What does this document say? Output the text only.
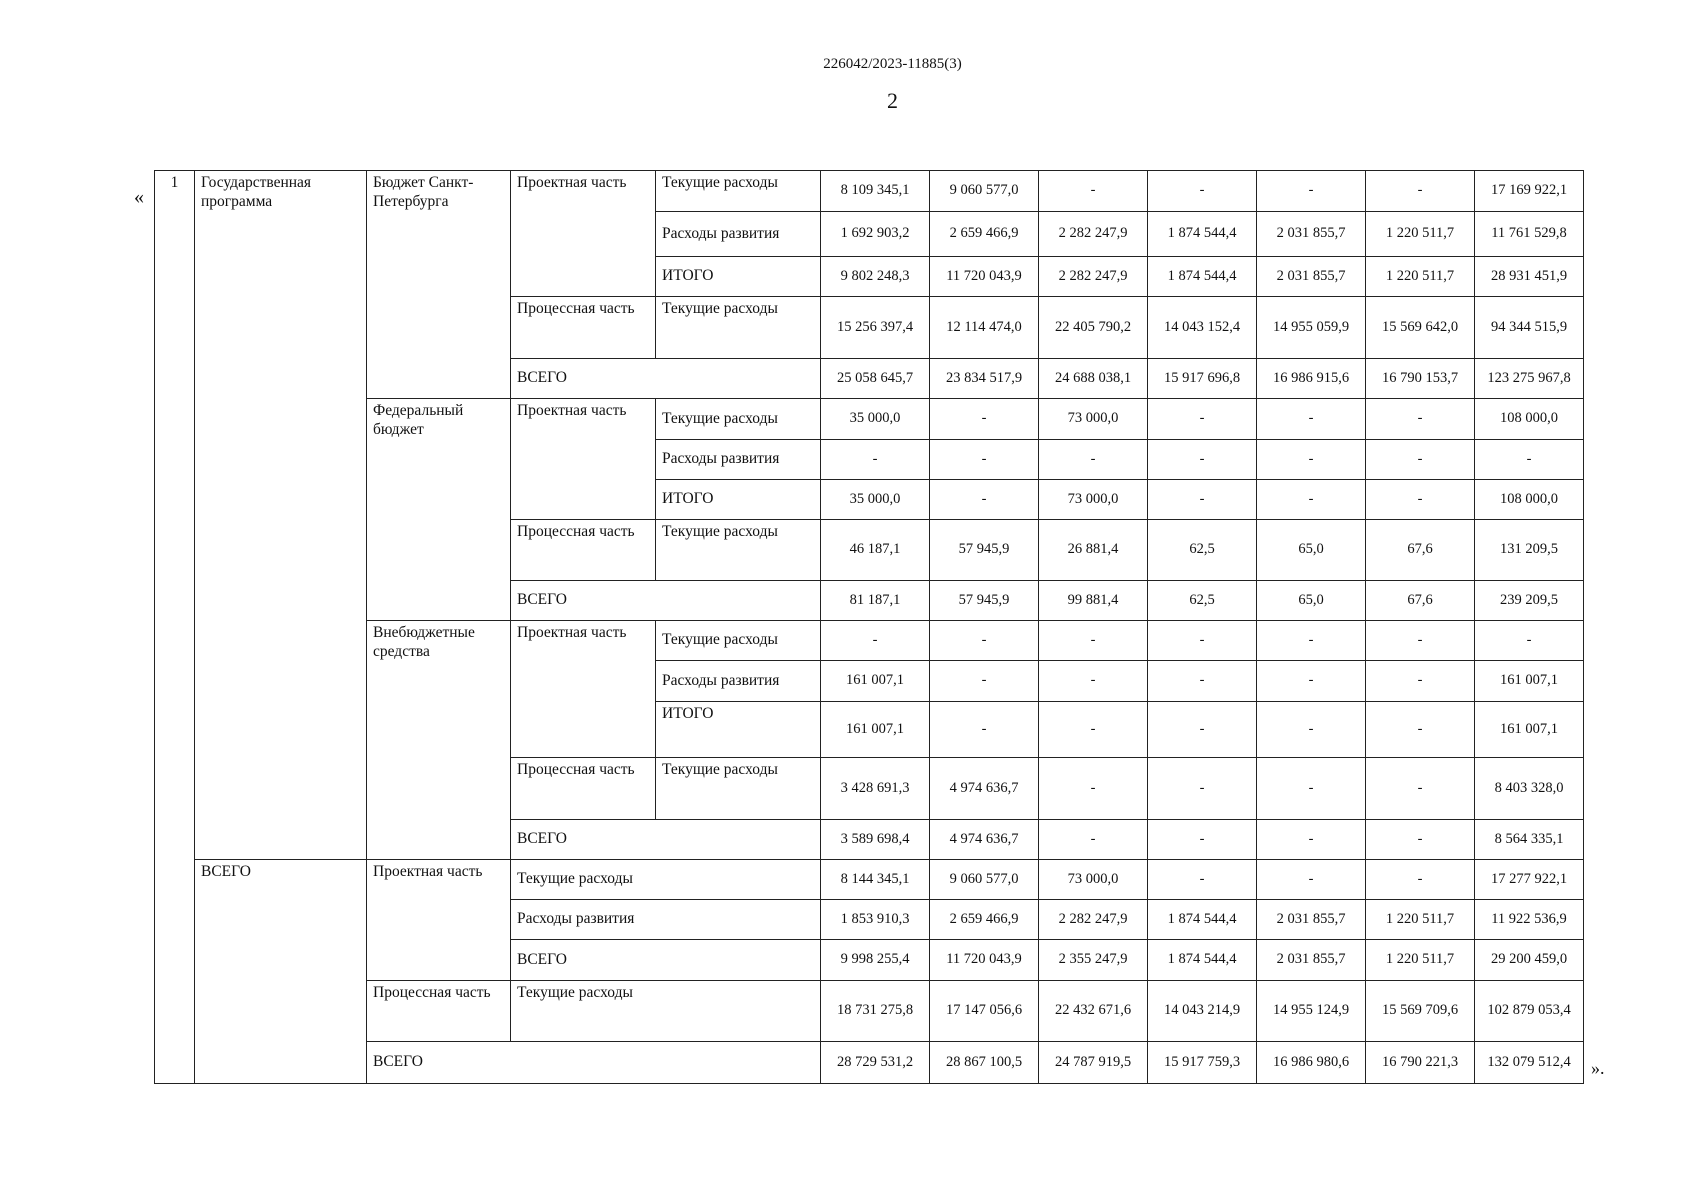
226042/2023-11885(3)
2
«
».
1	Государственная программа	Бюджет Санкт-Петербурга	Проектная часть	Текущие расходы	8 109 345,1	9 060 577,0	-	-	-	-	17 169 922,1
				Расходы развития	1 692 903,2	2 659 466,9	2 282 247,9	1 874 544,4	2 031 855,7	1 220 511,7	11 761 529,8
				ИТОГО	9 802 248,3	11 720 043,9	2 282 247,9	1 874 544,4	2 031 855,7	1 220 511,7	28 931 451,9
			Процессная часть	Текущие расходы	15 256 397,4	12 114 474,0	22 405 790,2	14 043 152,4	14 955 059,9	15 569 642,0	94 344 515,9
			ВСЕГО		25 058 645,7	23 834 517,9	24 688 038,1	15 917 696,8	16 986 915,6	16 790 153,7	123 275 967,8
		Федеральный бюджет	Проектная часть	Текущие расходы	35 000,0	-	73 000,0	-	-	-	108 000,0
				Расходы развития	-	-	-	-	-	-	-
				ИТОГО	35 000,0	-	73 000,0	-	-	-	108 000,0
			Процессная часть	Текущие расходы	46 187,1	57 945,9	26 881,4	62,5	65,0	67,6	131 209,5
			ВСЕГО		81 187,1	57 945,9	99 881,4	62,5	65,0	67,6	239 209,5
		Внебюджетные средства	Проектная часть	Текущие расходы	-	-	-	-	-	-	-
				Расходы развития	161 007,1	-	-	-	-	-	161 007,1
				ИТОГО	161 007,1	-	-	-	-	-	161 007,1
			Процессная часть	Текущие расходы	3 428 691,3	4 974 636,7	-	-	-	-	8 403 328,0
			ВСЕГО		3 589 698,4	4 974 636,7	-	-	-	-	8 564 335,1
	ВСЕГО	Проектная часть	Текущие расходы		8 144 345,1	9 060 577,0	73 000,0	-	-	-	17 277 922,1
			Расходы развития		1 853 910,3	2 659 466,9	2 282 247,9	1 874 544,4	2 031 855,7	1 220 511,7	11 922 536,9
			ВСЕГО		9 998 255,4	11 720 043,9	2 355 247,9	1 874 544,4	2 031 855,7	1 220 511,7	29 200 459,0
		Процессная часть	Текущие расходы		18 731 275,8	17 147 056,6	22 432 671,6	14 043 214,9	14 955 124,9	15 569 709,6	102 879 053,4
		ВСЕГО			28 729 531,2	28 867 100,5	24 787 919,5	15 917 759,3	16 986 980,6	16 790 221,3	132 079 512,4
